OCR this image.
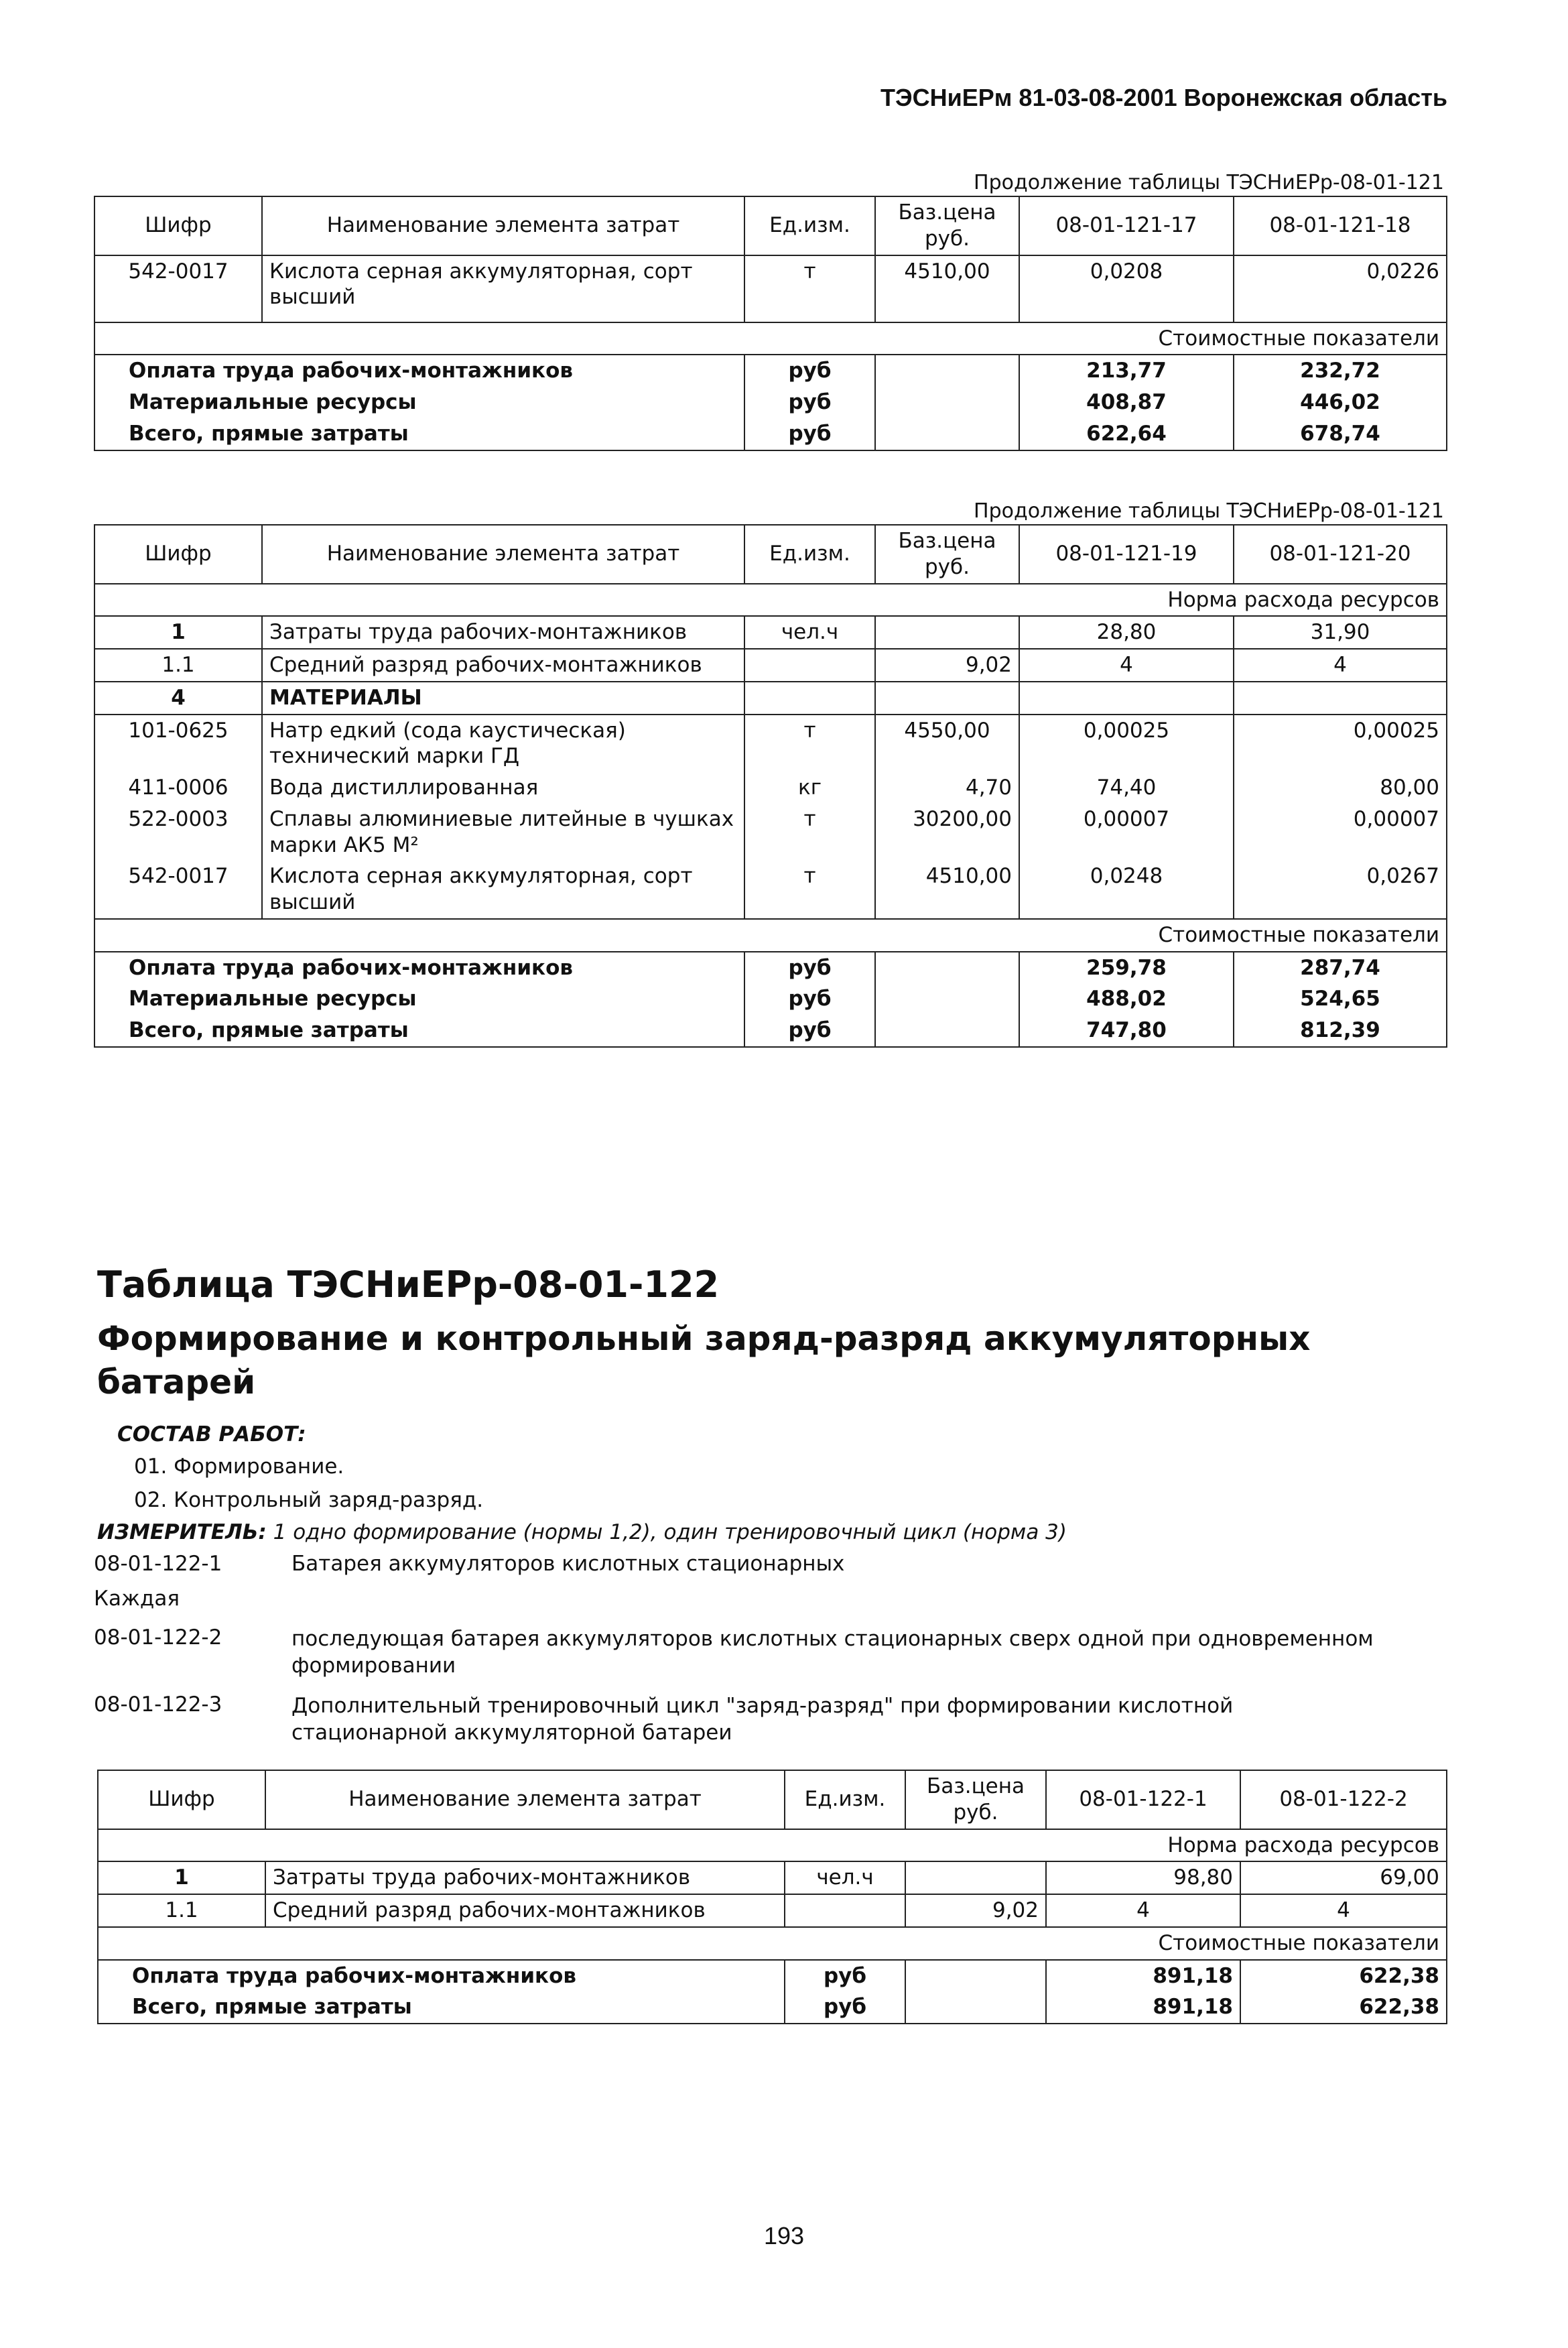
ТЭСНиЕРм 81-03-08-2001 Воронежская область
Продолжение таблицы ТЭСНиЕРр-08-01-121
Шифр	Наименование элемента затрат	Ед.изм.	Баз.цена руб.	08-01-121-17	08-01-121-18
542-0017	Кислота серная аккумуляторная, сорт высший	т	4510,00	0,0208	0,0226
Стоимостные показатели					
Оплата труда рабочих-монтажников		руб		213,77	232,72
Материальные ресурсы		руб		408,87	446,02
Всего, прямые затраты		руб		622,64	678,74
Продолжение таблицы ТЭСНиЕРр-08-01-121
Шифр	Наименование элемента затрат	Ед.изм.	Баз.цена руб.	08-01-121-19	08-01-121-20
Норма расхода ресурсов					
1	Затраты труда рабочих-монтажников	чел.ч		28,80	31,90
1.1	Средний разряд рабочих-монтажников		9,02	4	4
4	МАТЕРИАЛЫ				
101-0625	Натр едкий (сода каустическая) технический марки ГД	т	4550,00	0,00025	0,00025
411-0006	Вода дистиллированная	кг	4,70	74,40	80,00
522-0003	Сплавы алюминиевые литейные в чушках марки АК5 М²	т	30200,00	0,00007	0,00007
542-0017	Кислота серная аккумуляторная, сорт высший	т	4510,00	0,0248	0,0267
Стоимостные показатели					
Оплата труда рабочих-монтажников		руб		259,78	287,74
Материальные ресурсы		руб		488,02	524,65
Всего, прямые затраты		руб		747,80	812,39
Таблица ТЭСНиЕРр-08-01-122
Формирование и контрольный заряд-разряд аккумуляторных батарей
СОСТАВ РАБОТ:
01. Формирование.
02. Контрольный заряд-разряд.
ИЗМЕРИТЕЛЬ: 1 одно формирование (нормы 1,2), один тренировочный цикл (норма 3)
08-01-122-1	Батарея аккумуляторов кислотных стационарных
Каждая
08-01-122-2	последующая батарея аккумуляторов кислотных стационарных сверх одной при одновременном формировании
08-01-122-3	Дополнительный тренировочный цикл "заряд-разряд" при формировании кислотной стационарной аккумуляторной батареи
Шифр	Наименование элемента затрат	Ед.изм.	Баз.цена руб.	08-01-122-1	08-01-122-2
Норма расхода ресурсов					
1	Затраты труда рабочих-монтажников	чел.ч		98,80	69,00
1.1	Средний разряд рабочих-монтажников		9,02	4	4
Стоимостные показатели					
Оплата труда рабочих-монтажников		руб		891,18	622,38
Всего, прямые затраты		руб		891,18	622,38
193
